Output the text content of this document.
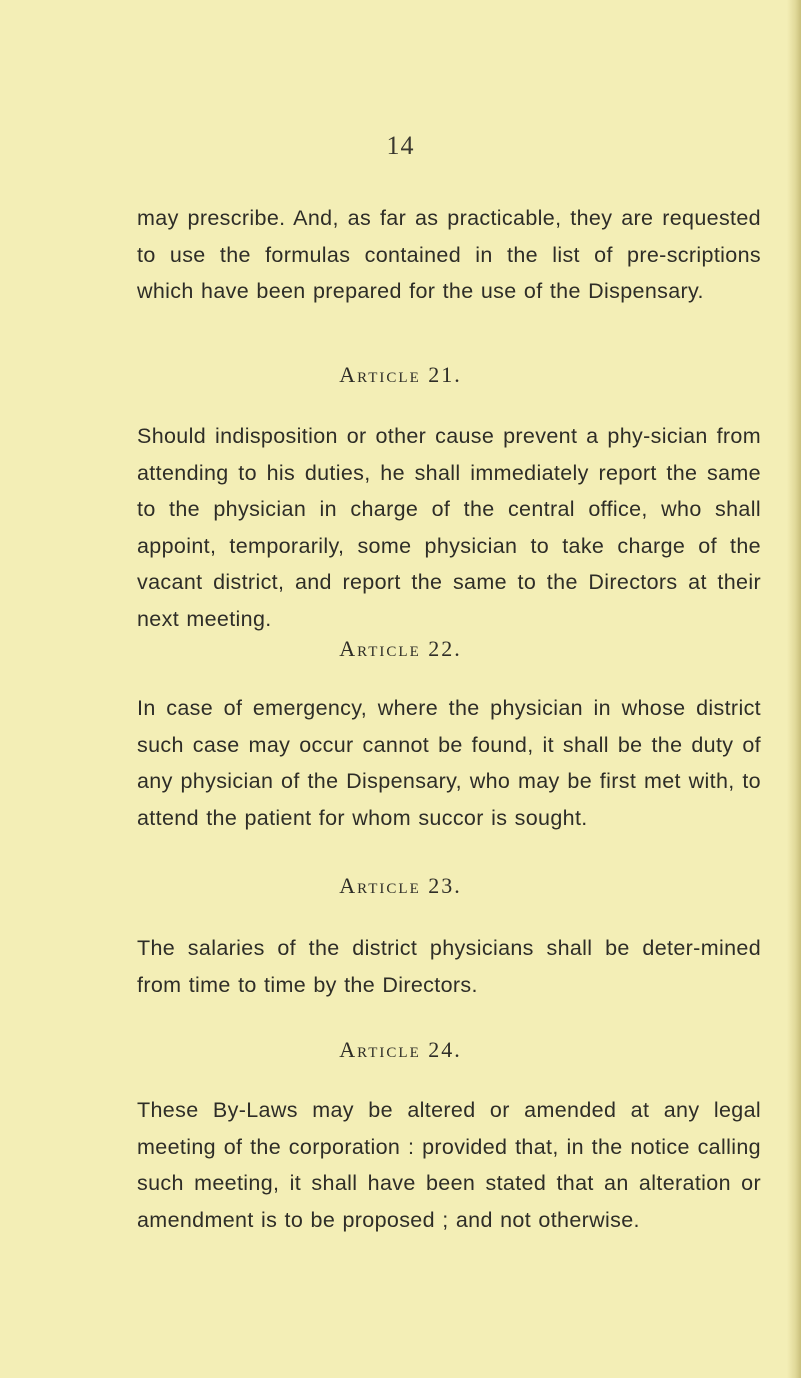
14

may prescribe. And, as far as practicable, they are requested to use the formulas contained in the list of pre-scriptions which have been prepared for the use of the Dispensary.

Article 21.

Should indisposition or other cause prevent a phy-sician from attending to his duties, he shall immediately report the same to the physician in charge of the central office, who shall appoint, temporarily, some physician to take charge of the vacant district, and report the same to the Directors at their next meeting.

Article 22.

In case of emergency, where the physician in whose district such case may occur cannot be found, it shall be the duty of any physician of the Dispensary, who may be first met with, to attend the patient for whom succor is sought.

Article 23.

The salaries of the district physicians shall be deter-mined from time to time by the Directors.

Article 24.

These By-Laws may be altered or amended at any legal meeting of the corporation : provided that, in the notice calling such meeting, it shall have been stated that an alteration or amendment is to be proposed ; and not otherwise.
